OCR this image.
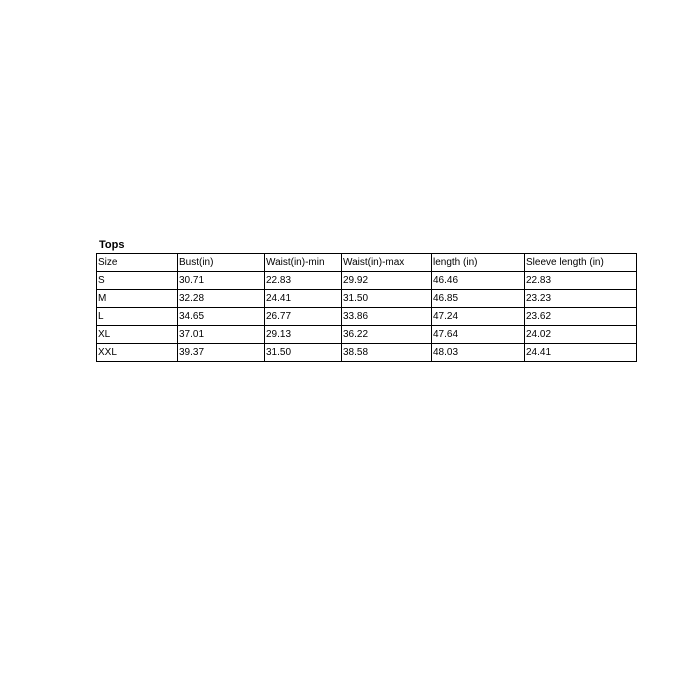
Tops
Size	Bust(in)	Waist(in)-min	Waist(in)-max	length (in)	Sleeve length (in)
S	30.71	22.83	29.92	46.46	22.83
M	32.28	24.41	31.50	46.85	23.23
L	34.65	26.77	33.86	47.24	23.62
XL	37.01	29.13	36.22	47.64	24.02
XXL	39.37	31.50	38.58	48.03	24.41
